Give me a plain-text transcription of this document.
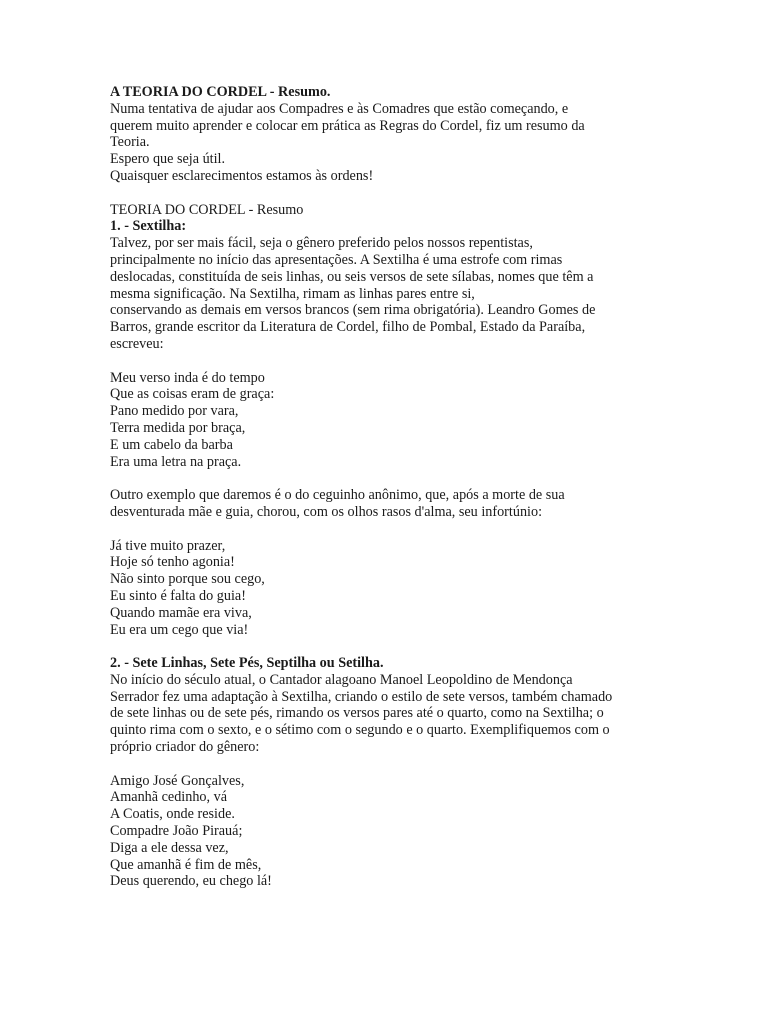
A TEORIA DO CORDEL - Resumo.
Numa tentativa de ajudar aos Compadres e às Comadres que estão começando, e
querem muito aprender e colocar em prática as Regras do Cordel, fiz um resumo da
Teoria.
Espero que seja útil.
Quaisquer esclarecimentos estamos às ordens!
TEORIA DO CORDEL - Resumo
1. - Sextilha:
Talvez, por ser mais fácil, seja o gênero preferido pelos nossos repentistas,
principalmente no início das apresentações. A Sextilha é uma estrofe com rimas
deslocadas, constituída de seis linhas, ou seis versos de sete sílabas, nomes que têm a
mesma significação. Na Sextilha, rimam as linhas pares entre si,
conservando as demais em versos brancos (sem rima obrigatória). Leandro Gomes de
Barros, grande escritor da Literatura de Cordel, filho de Pombal, Estado da Paraíba,
escreveu:
Meu verso inda é do tempo
Que as coisas eram de graça:
Pano medido por vara,
Terra medida por braça,
E um cabelo da barba
Era uma letra na praça.
Outro exemplo que daremos é o do ceguinho anônimo, que, após a morte de sua
desventurada mãe e guia, chorou, com os olhos rasos d'alma, seu infortúnio:
Já tive muito prazer,
Hoje só tenho agonia!
Não sinto porque sou cego,
Eu sinto é falta do guia!
Quando mamãe era viva,
Eu era um cego que via!
2. - Sete Linhas, Sete Pés, Septilha ou Setilha.
No início do século atual, o Cantador alagoano Manoel Leopoldino de Mendonça
Serrador fez uma adaptação à Sextilha, criando o estilo de sete versos, também chamado
de sete linhas ou de sete pés, rimando os versos pares até o quarto, como na Sextilha; o
quinto rima com o sexto, e o sétimo com o segundo e o quarto. Exemplifiquemos com o
próprio criador do gênero:
Amigo José Gonçalves,
Amanhã cedinho, vá
A Coatis, onde reside.
Compadre João Pirauá;
Diga a ele dessa vez,
Que amanhã é fim de mês,
Deus querendo, eu chego lá!
